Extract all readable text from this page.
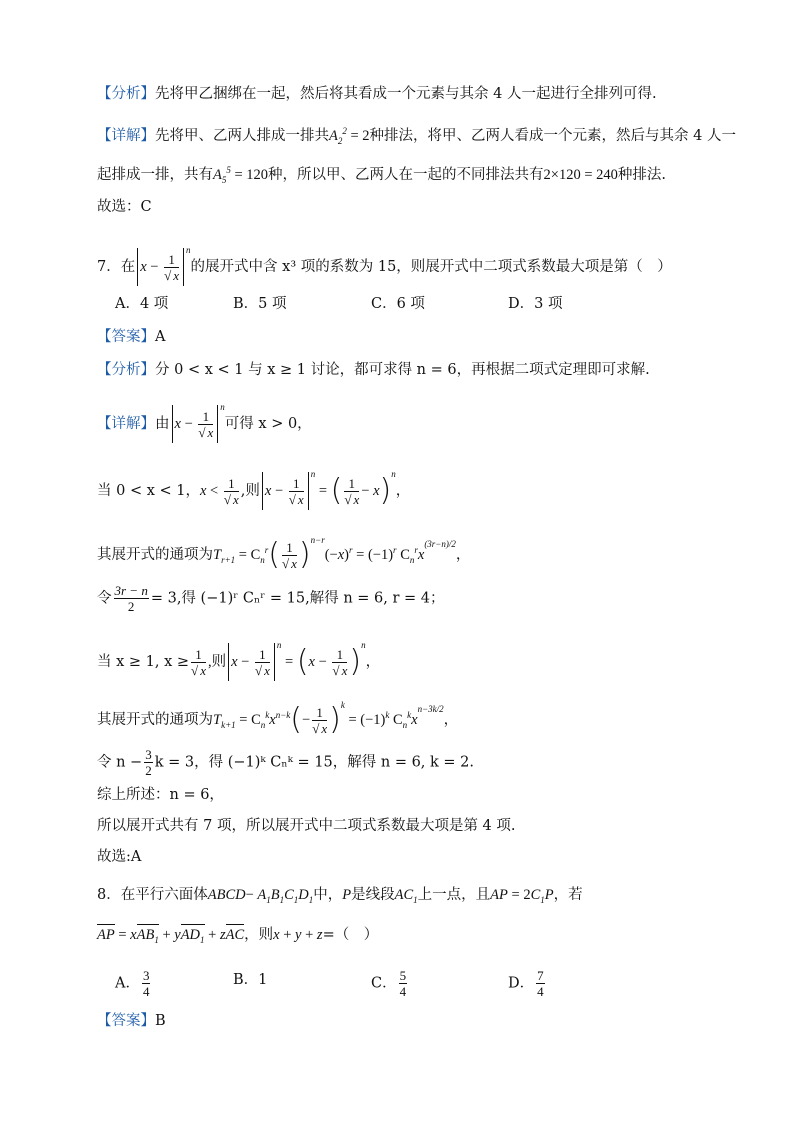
【分析】先将甲乙捆绑在一起，然后将其看成一个元素与其余 4 人一起进行全排列可得.
【详解】先将甲、乙两人排成一排共$A_2^2 = 2$种排法，将甲、乙两人看成一个元素，然后与其余 4 人一
起排成一排，共有$A_5^5 = 120$种，所以甲、乙两人在一起的不同排法共有2×120 = 240种排法.
故选：C
7．在 $x - \frac{1}{√ x}$
$^n$的展开式中含 x³ 项的系数为 15，则展开式中二项式系数最大项是第（　）
A．4 项	B．5 项	C．6 项	D．3 项
【答案】A
【分析】分 0 < x < 1 与 x ≥ 1 讨论，都可求得 n = 6，再根据二项式定理即可求解.
【详解】由 $x - \frac{1}{√ x}$
$^n$可得 x > 0，
当 0 < x < 1，$x < \frac{1}{√ x}$ ,则 $x - \frac{1}{√ x}$
$^n$ = ( $\frac{1}{√ x} - x)^n$，
其展开式的通项为$T_{r+1} = C_n^r( \frac{1}{√ x} )^{n-r}(-x)^r = (-1)^r$ $C_n^rx^{(3r-n)/2}$，
令 $\frac{3r - n}{2} = 3$,得 (−1)ʳ Cₙʳ = 15,解得 n = 6, r = 4；
当 x ≥ 1, $x \ge \frac{1}{√ x}$ ,则 $x - \frac{1}{√ x}$
$^n = (x - \frac{1}{√ x} )^n$，
其展开式的通项为$T_{k+1} = C_n^kx^{n-k}(- \frac{1}{√ x} )^k = (-1)^k$ $C_n^kx^{n-3k/2}$，
令 $n - \frac{3}{2}$ k = 3，得 (−1)ᵏ Cₙᵏ = 15，解得 n = 6, k = 2.
综上所述：n = 6，
所以展开式共有 7 项，所以展开式中二项式系数最大项是第 4 项.
故选:A
8．在平行六面体ABCD− $A_1B_1C_1D_1$中，P是线段$AC_1$上一点，且AP = $2C_1P$，若
AP = xAB$_1$ + yAD$_1$ + zAC，则x + y + z=（　）
A． $\frac{3}{4}$	B．1	C． $\frac{5}{4}$	D． $\frac{7}{4}$
【答案】B
